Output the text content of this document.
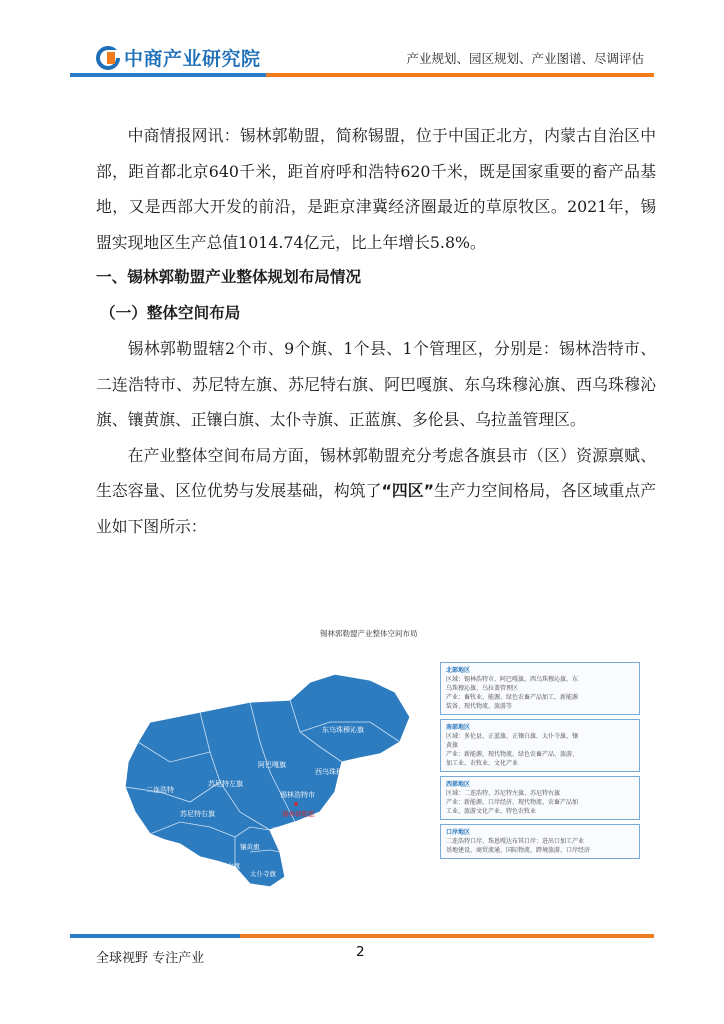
中商产业研究院	产业规划、园区规划、产业图谱、尽调评估

中商情报网讯：锡林郭勒盟，简称锡盟，位于中国正北方，内蒙古自治区中部，距首都北京640千米，距首府呼和浩特620千米，既是国家重要的畜产品基地，又是西部大开发的前沿，是距京津冀经济圈最近的草原牧区。2021年，锡盟实现地区生产总值1014.74亿元，比上年增长5.8%。

一、锡林郭勒盟产业整体规划布局情况

（一）整体空间布局

锡林郭勒盟辖2个市、9个旗、1个县、1个管理区，分别是：锡林浩特市、二连浩特市、苏尼特左旗、苏尼特右旗、阿巴嘎旗、东乌珠穆沁旗、西乌珠穆沁旗、镶黄旗、正镶白旗、太仆寺旗、正蓝旗、多伦县、乌拉盖管理区。

在产业整体空间布局方面，锡林郭勒盟充分考虑各旗县市（区）资源禀赋、生态容量、区位优势与发展基础，构筑了“四区”生产力空间格局，各区域重点产业如下图所示：

锡林郭勒盟产业整体空间布局
东乌珠穆沁旗
西乌珠穆沁旗
阿巴嘎旗
锡林浩特市
锡林郭勒盟
苏尼特左旗
二连浩特
苏尼特右旗
正蓝旗
多伦县
镶黄旗
正镶白旗
太仆寺旗
北部地区
区域：锡林浩特市、阿巴嘎旗、西乌珠穆沁旗、东
乌珠穆沁旗、乌拉盖管理区
产业：畜牧业、能源、绿色农畜产品加工、新能源
装备、现代物流、旅游等
南部地区
区域：多伦县、正蓝旗、正镶白旗、太仆寺旗、镶
黄旗
产业：新能源、现代物流、绿色农畜产品、旅游、
加工业、农牧业、文化产业
西部地区
区域：二连浩特、苏尼特左旗、苏尼特右旗
产业：新能源、口岸经济、现代物流、农畜产品加
工业、旅游文化产业、特色农牧业
口岸地区
二连浩特口岸、珠恩嘎达布其口岸：进出口加工产业
基地建设、商贸流通、国际物流、跨境旅游、口岸经济
全球视野 专注产业	2
